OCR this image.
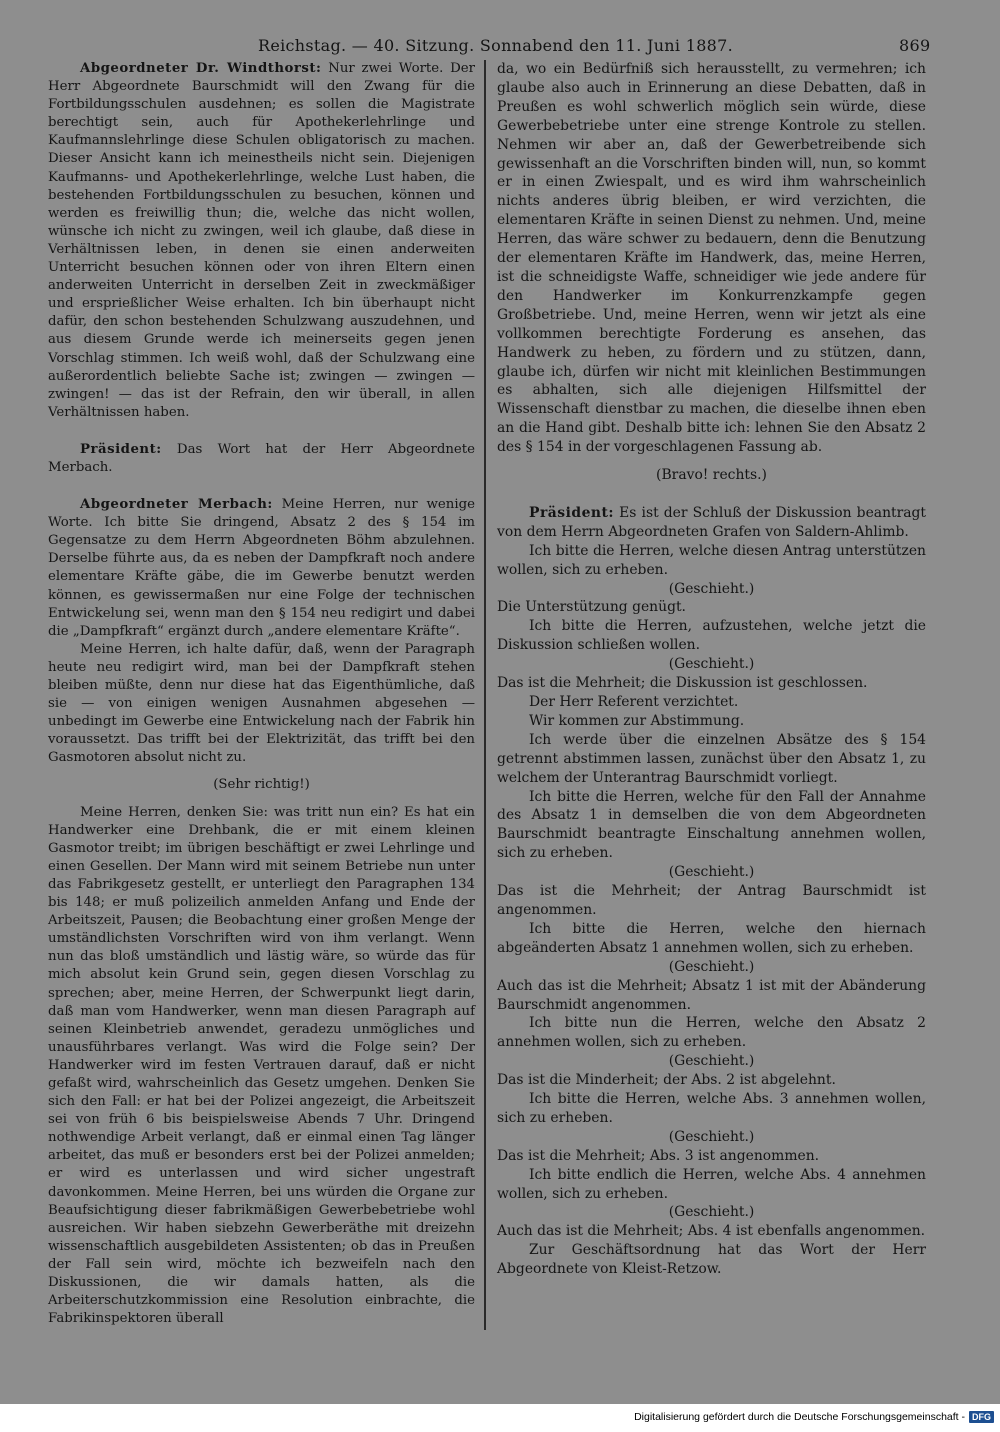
Reichstag. — 40. Sitzung. Sonnabend den 11. Juni 1887.	869

Abgeordneter Dr. Windthorst: Nur zwei Worte. Der Herr Abgeordnete Baurschmidt will den Zwang für die Fortbildungsschulen ausdehnen; es sollen die Magistrate berechtigt sein, auch für Apothekerlehrlinge und Kaufmannslehrlinge diese Schulen obligatorisch zu machen. Dieser Ansicht kann ich meinestheils nicht sein. Diejenigen Kaufmanns- und Apothekerlehrlinge, welche Lust haben, die bestehenden Fortbildungsschulen zu besuchen, können und werden es freiwillig thun; die, welche das nicht wollen, wünsche ich nicht zu zwingen, weil ich glaube, daß diese in Verhältnissen leben, in denen sie einen anderweiten Unterricht besuchen können oder von ihren Eltern einen anderweiten Unterricht in derselben Zeit in zweckmäßiger und ersprießlicher Weise erhalten. Ich bin überhaupt nicht dafür, den schon bestehenden Schulzwang auszudehnen, und aus diesem Grunde werde ich meinerseits gegen jenen Vorschlag stimmen. Ich weiß wohl, daß der Schulzwang eine außerordentlich beliebte Sache ist; zwingen — zwingen — zwingen! — das ist der Refrain, den wir überall, in allen Verhältnissen haben.

Präsident: Das Wort hat der Herr Abgeordnete Merbach.

Abgeordneter Merbach: Meine Herren, nur wenige Worte. Ich bitte Sie dringend, Absatz 2 des § 154 im Gegensatze zu dem Herrn Abgeordneten Böhm abzulehnen. Derselbe führte aus, da es neben der Dampfkraft noch andere elementare Kräfte gäbe, die im Gewerbe benutzt werden können, es gewissermaßen nur eine Folge der technischen Entwickelung sei, wenn man den § 154 neu redigirt und dabei die „Dampfkraft“ ergänzt durch „andere elementare Kräfte“.

Meine Herren, ich halte dafür, daß, wenn der Paragraph heute neu redigirt wird, man bei der Dampfkraft stehen bleiben müßte, denn nur diese hat das Eigenthümliche, daß sie — von einigen wenigen Ausnahmen abgesehen — unbedingt im Gewerbe eine Entwickelung nach der Fabrik hin voraussetzt. Das trifft bei der Elektrizität, das trifft bei den Gasmotoren absolut nicht zu.

(Sehr richtig!)

Meine Herren, denken Sie: was tritt nun ein? Es hat ein Handwerker eine Drehbank, die er mit einem kleinen Gasmotor treibt; im übrigen beschäftigt er zwei Lehrlinge und einen Gesellen. Der Mann wird mit seinem Betriebe nun unter das Fabrikgesetz gestellt, er unterliegt den Paragraphen 134 bis 148; er muß polizeilich anmelden Anfang und Ende der Arbeitszeit, Pausen; die Beobachtung einer großen Menge der umständlichsten Vorschriften wird von ihm verlangt. Wenn nun das bloß umständlich und lästig wäre, so würde das für mich absolut kein Grund sein, gegen diesen Vorschlag zu sprechen; aber, meine Herren, der Schwerpunkt liegt darin, daß man vom Handwerker, wenn man diesen Paragraph auf seinen Kleinbetrieb anwendet, geradezu unmögliches und unausführbares verlangt. Was wird die Folge sein? Der Handwerker wird im festen Vertrauen darauf, daß er nicht gefaßt wird, wahrscheinlich das Gesetz umgehen. Denken Sie sich den Fall: er hat bei der Polizei angezeigt, die Arbeitszeit sei von früh 6 bis beispielsweise Abends 7 Uhr. Dringend nothwendige Arbeit verlangt, daß er einmal einen Tag länger arbeitet, das muß er besonders erst bei der Polizei anmelden; er wird es unterlassen und wird sicher ungestraft davonkommen. Meine Herren, bei uns würden die Organe zur Beaufsichtigung dieser fabrikmäßigen Gewerbebetriebe wohl ausreichen. Wir haben siebzehn Gewerberäthe mit dreizehn wissenschaftlich ausgebildeten Assistenten; ob das in Preußen der Fall sein wird, möchte ich bezweifeln nach den Diskussionen, die wir damals hatten, als die Arbeiterschutzkommission eine Resolution einbrachte, die Fabrikinspektoren überall

da, wo ein Bedürfniß sich herausstellt, zu vermehren; ich glaube also auch in Erinnerung an diese Debatten, daß in Preußen es wohl schwerlich möglich sein würde, diese Gewerbebetriebe unter eine strenge Kontrole zu stellen. Nehmen wir aber an, daß der Gewerbetreibende sich gewissenhaft an die Vorschriften binden will, nun, so kommt er in einen Zwiespalt, und es wird ihm wahrscheinlich nichts anderes übrig bleiben, er wird verzichten, die elementaren Kräfte in seinen Dienst zu nehmen. Und, meine Herren, das wäre schwer zu bedauern, denn die Benutzung der elementaren Kräfte im Handwerk, das, meine Herren, ist die schneidigste Waffe, schneidiger wie jede andere für den Handwerker im Konkurrenzkampfe gegen Großbetriebe. Und, meine Herren, wenn wir jetzt als eine vollkommen berechtigte Forderung es ansehen, das Handwerk zu heben, zu fördern und zu stützen, dann, glaube ich, dürfen wir nicht mit kleinlichen Bestimmungen es abhalten, sich alle diejenigen Hilfsmittel der Wissenschaft dienstbar zu machen, die dieselbe ihnen eben an die Hand gibt. Deshalb bitte ich: lehnen Sie den Absatz 2 des § 154 in der vorgeschlagenen Fassung ab.

(Bravo! rechts.)

Präsident: Es ist der Schluß der Diskussion beantragt von dem Herrn Abgeordneten Grafen von Saldern-Ahlimb.

Ich bitte die Herren, welche diesen Antrag unterstützen wollen, sich zu erheben.

(Geschieht.)

Die Unterstützung genügt.

Ich bitte die Herren, aufzustehen, welche jetzt die Diskussion schließen wollen.

(Geschieht.)

Das ist die Mehrheit; die Diskussion ist geschlossen.

Der Herr Referent verzichtet.

Wir kommen zur Abstimmung.

Ich werde über die einzelnen Absätze des § 154 getrennt abstimmen lassen, zunächst über den Absatz 1, zu welchem der Unterantrag Baurschmidt vorliegt.

Ich bitte die Herren, welche für den Fall der Annahme des Absatz 1 in demselben die von dem Abgeordneten Baurschmidt beantragte Einschaltung annehmen wollen, sich zu erheben.

(Geschieht.)

Das ist die Mehrheit; der Antrag Baurschmidt ist angenommen.

Ich bitte die Herren, welche den hiernach abgeänderten Absatz 1 annehmen wollen, sich zu erheben.

(Geschieht.)

Auch das ist die Mehrheit; Absatz 1 ist mit der Abänderung Baurschmidt angenommen.

Ich bitte nun die Herren, welche den Absatz 2 annehmen wollen, sich zu erheben.

(Geschieht.)

Das ist die Minderheit; der Abs. 2 ist abgelehnt.

Ich bitte die Herren, welche Abs. 3 annehmen wollen, sich zu erheben.

(Geschieht.)

Das ist die Mehrheit; Abs. 3 ist angenommen.

Ich bitte endlich die Herren, welche Abs. 4 annehmen wollen, sich zu erheben.

(Geschieht.)

Auch das ist die Mehrheit; Abs. 4 ist ebenfalls angenommen.

Zur Geschäftsordnung hat das Wort der Herr Abgeordnete von Kleist-Retzow.

Digitalisierung gefördert durch die Deutsche Forschungsgemeinschaft - DFG
